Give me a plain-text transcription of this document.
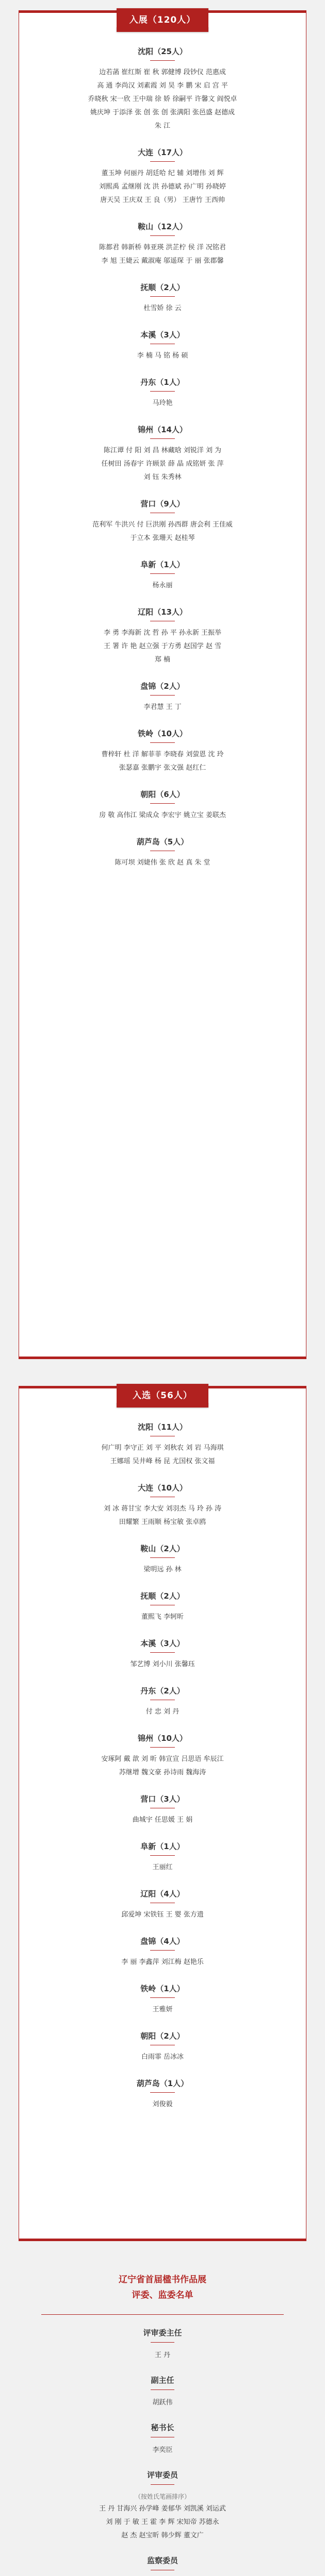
入展（120人）
沈阳（25人）
边若菡 崔红斯 崔 秋 郭健博 段钞仪 范惠成
高 通 李尚汉 刘素霞 刘 昊 李 鹏 宋 启 宫 平
乔晓秋 宋一欣 王中瑞 徐 娇 徐嗣平 许馨文 阎悦卓
姚庆坤 于添泽 张 创 张 创 张满阳 张邑盛 赵德成
朱 江
大连（17人）
董玉坤 何丽丹 胡廷哈 纪 辅 刘增伟 刘 辉
刘熙禹 孟继刚 沈 洪 孙德斌 孙广明 孙晓婷
唐天吴 王庆双 王 良（男） 王唐竹 王西帅
鞍山（12人）
陈都君 韩新桥 韩亚瑛 洪芷柠 侯 洋 况铭君
李 旭 王婕云 戴淑庵 邬遥琛 于 丽 张郡馨
抚顺（2人）
杜雪娇 徐 云
本溪（3人）
李 楠 马 铭 杨 硕
丹东（1人）
马玲艳
锦州（14人）
陈江谭 付 阳 刘 昌 林藏晗 刘锐洋 刘 为
任树田 汤春宇 许顾景 薛 晶 成铭妍 张 萍
刘 钰 朱秀林
营口（9人）
范利军 牛洪兴 付 巨洪刚 孙西群 唐会利 王佳威
于立本 张珊天 赵桂琴
阜新（1人）
杨永丽
辽阳（13人）
李 勇 李海新 沈 哲 孙 平 孙永新 王振举
王 署 许 艳 赵立强 于方勇 赵国学 赵 雪
郑 楠
盘锦（2人）
李君慧 王 丁
铁岭（10人）
曹梓轩 杜 洋 解菲菲 李晓春 刘萤恩 沈 玲
张瑟嘉 张鹏宇 张文强 赵红仁
朝阳（6人）
房 敬 高伟江 梁成众 李宏宇 姚立宝 姜联杰
葫芦岛（5人）
陈可坝 刘婕伟 张 欣 赵 真 朱 堂
入选（56人）
沈阳（11人）
何广明 李守正 刘 平 刘秋农 刘 岩 马海琪
王娜瑶 吴井峰 杨 昆 尤国权 张文福
大连（10人）
刘 冰 蒋甘宝 李大安 刘羽杰 马 玲 孙 涛
田耀繁 王雨顺 杨宝敏 张卓鸥
鞍山（2人）
梁明远 孙 林
抚顺（2人）
董熙飞 李轲昕
本溪（3人）
邹艺博 刘小川 张馨珏
丹东（2人）
付 忠 刘 丹
锦州（10人）
安琢阿 戴 歆 刘 昕 韩宣宣 吕思语 牟辰江
苏继增 魏文豪 孙诗雨 魏海涛
营口（3人）
曲城宇 任思媛 王 娟
阜新（1人）
王丽红
辽阳（4人）
邱爱坤 宋铁钰 王 婴 张方遗
盘锦（4人）
李 丽 李鑫萍 刘江梅 赵艳乐
铁岭（1人）
王雅妍
朝阳（2人）
白雨霏 岳冰冰
葫芦岛（1人）
刘俊毅
辽宁省首届楹书作品展
评委、监委名单
评审委主任
王 丹
副主任
胡跃伟
秘书长
李奕臣
评审委员
（按姓氏笔画排序）
王 丹 甘海兴 孙学峰 姜郁华 刘凯溪 刘运武
刘 刚 于 敏 王 霍 李 辉 宋知帝 苏德永
赵 杰 赵宝昕 韩少辉 董文广
监察委员
